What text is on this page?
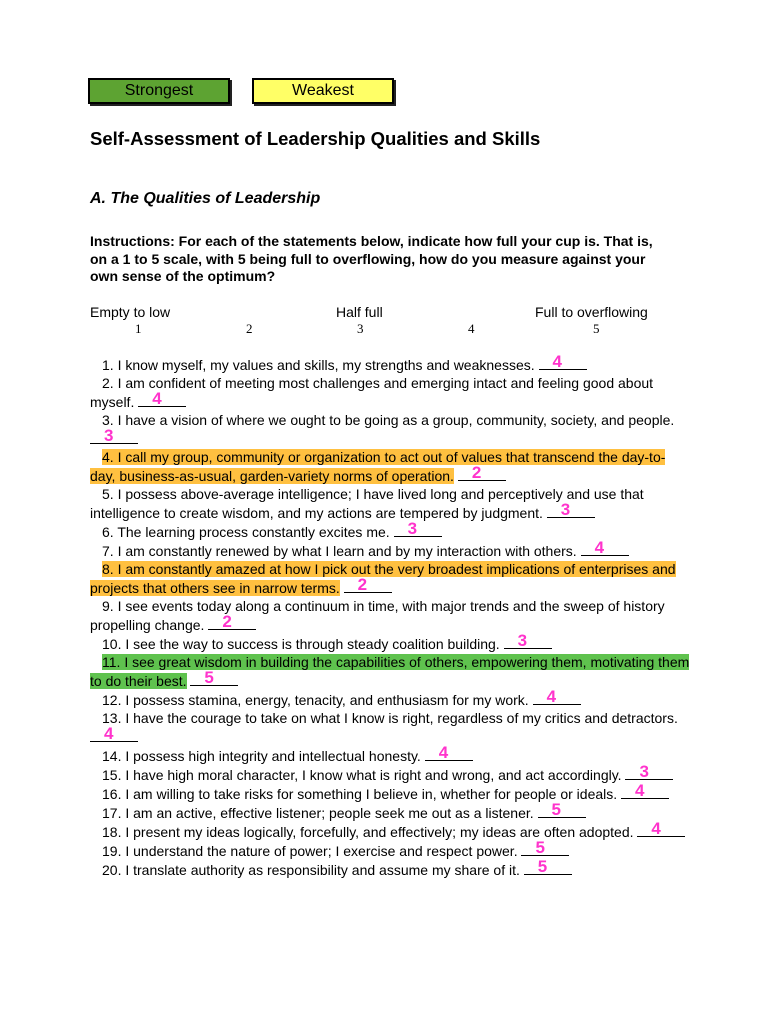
Strongest	Weakest
Self-Assessment of Leadership Qualities and Skills
A. The Qualities of Leadership

Instructions: For each of the statements below, indicate how full your cup is. That is, on a 1 to 5 scale, with 5 being full to overflowing, how do you measure against your own sense of the optimum?

Empty to low	Half full	Full to overflowing
1	2	3	4	5
1. I know myself, my values and skills, my strengths and weaknesses. 4
2. I am confident of meeting most challenges and emerging intact and feeling good about myself. 4
3. I have a vision of where we ought to be going as a group, community, society, and people.
3
4. I call my group, community or organization to act out of values that transcend the day-to-day, business-as-usual, garden-variety norms of operation. 2
5. I possess above-average intelligence; I have lived long and perceptively and use that intelligence to create wisdom, and my actions are tempered by judgment. 3
6. The learning process constantly excites me. 3
7. I am constantly renewed by what I learn and by my interaction with others. 4
8. I am constantly amazed at how I pick out the very broadest implications of enterprises and projects that others see in narrow terms. 2
9. I see events today along a continuum in time, with major trends and the sweep of history propelling change. 2
10. I see the way to success is through steady coalition building. 3
11. I see great wisdom in building the capabilities of others, empowering them, motivating them to do their best. 5
12. I possess stamina, energy, tenacity, and enthusiasm for my work. 4
13. I have the courage to take on what I know is right, regardless of my critics and detractors.
4
14. I possess high integrity and intellectual honesty. 4
15. I have high moral character, I know what is right and wrong, and act accordingly. 3
16. I am willing to take risks for something I believe in, whether for people or ideals. 4
17. I am an active, effective listener; people seek me out as a listener. 5
18. I present my ideas logically, forcefully, and effectively; my ideas are often adopted. 4
19. I understand the nature of power; I exercise and respect power. 5
20. I translate authority as responsibility and assume my share of it. 5
